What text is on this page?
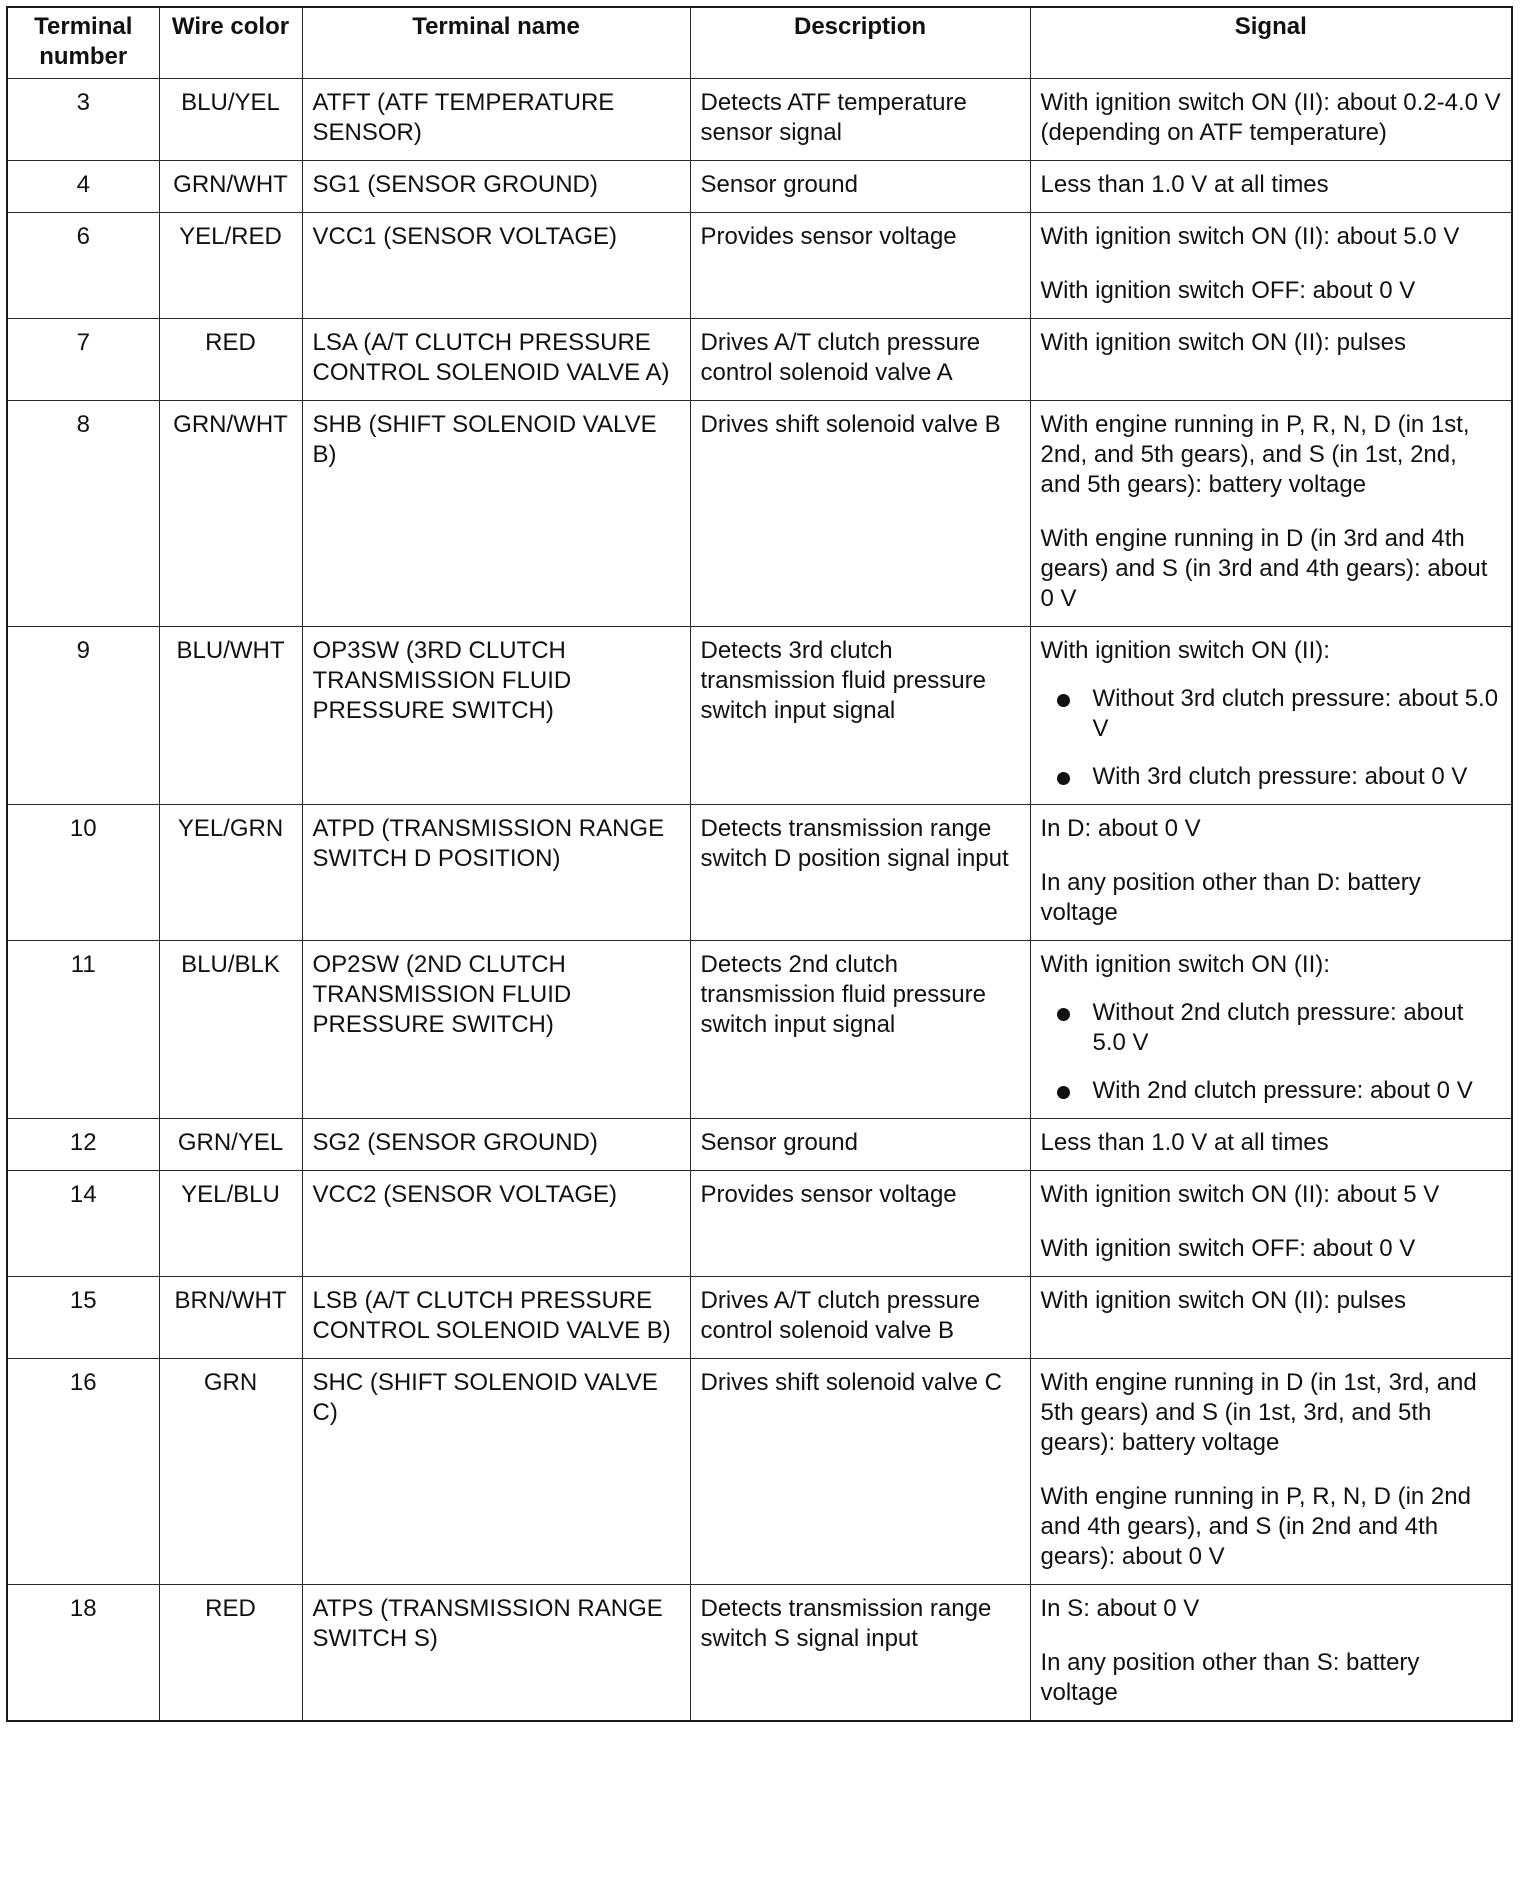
Terminal number	Wire color	Terminal name	Description	Signal
3	BLU/YEL	ATFT (ATF TEMPERATURE SENSOR)	Detects ATF temperature sensor signal	With ignition switch ON (II): about 0.2-4.0 V (depending on ATF temperature)

4	GRN/WHT	SG1 (SENSOR GROUND)	Sensor ground	Less than 1.0 V at all times

6	YEL/RED	VCC1 (SENSOR VOLTAGE)	Provides sensor voltage	With ignition switch ON (II): about 5.0 V
With ignition switch OFF: about 0 V

7	RED	LSA (A/T CLUTCH PRESSURE CONTROL SOLENOID VALVE A)	Drives A/T clutch pressure control solenoid valve A	With ignition switch ON (II): pulses

8	GRN/WHT	SHB (SHIFT SOLENOID VALVE B)	Drives shift solenoid valve B	With engine running in P, R, N, D (in 1st, 2nd, and 5th gears), and S (in 1st, 2nd, and 5th gears): battery voltage
With engine running in D (in 3rd and 4th gears) and S (in 3rd and 4th gears): about 0 V

9	BLU/WHT	OP3SW (3RD CLUTCH TRANSMISSION FLUID PRESSURE SWITCH)	Detects 3rd clutch transmission fluid pressure switch input signal	With ignition switch ON (II):
Without 3rd clutch pressure: about 5.0 V
With 3rd clutch pressure: about 0 V

10	YEL/GRN	ATPD (TRANSMISSION RANGE SWITCH D POSITION)	Detects transmission range switch D position signal input	In D: about 0 V
In any position other than D: battery voltage

11	BLU/BLK	OP2SW (2ND CLUTCH TRANSMISSION FLUID PRESSURE SWITCH)	Detects 2nd clutch transmission fluid pressure switch input signal	With ignition switch ON (II):
Without 2nd clutch pressure: about 5.0 V
With 2nd clutch pressure: about 0 V

12	GRN/YEL	SG2 (SENSOR GROUND)	Sensor ground	Less than 1.0 V at all times

14	YEL/BLU	VCC2 (SENSOR VOLTAGE)	Provides sensor voltage	With ignition switch ON (II): about 5 V
With ignition switch OFF: about 0 V

15	BRN/WHT	LSB (A/T CLUTCH PRESSURE CONTROL SOLENOID VALVE B)	Drives A/T clutch pressure control solenoid valve B	With ignition switch ON (II): pulses

16	GRN	SHC (SHIFT SOLENOID VALVE C)	Drives shift solenoid valve C	With engine running in D (in 1st, 3rd, and 5th gears) and S (in 1st, 3rd, and 5th gears): battery voltage
With engine running in P, R, N, D (in 2nd and 4th gears), and S (in 2nd and 4th gears): about 0 V

18	RED	ATPS (TRANSMISSION RANGE SWITCH S)	Detects transmission range switch S signal input	In S: about 0 V
In any position other than S: battery voltage
